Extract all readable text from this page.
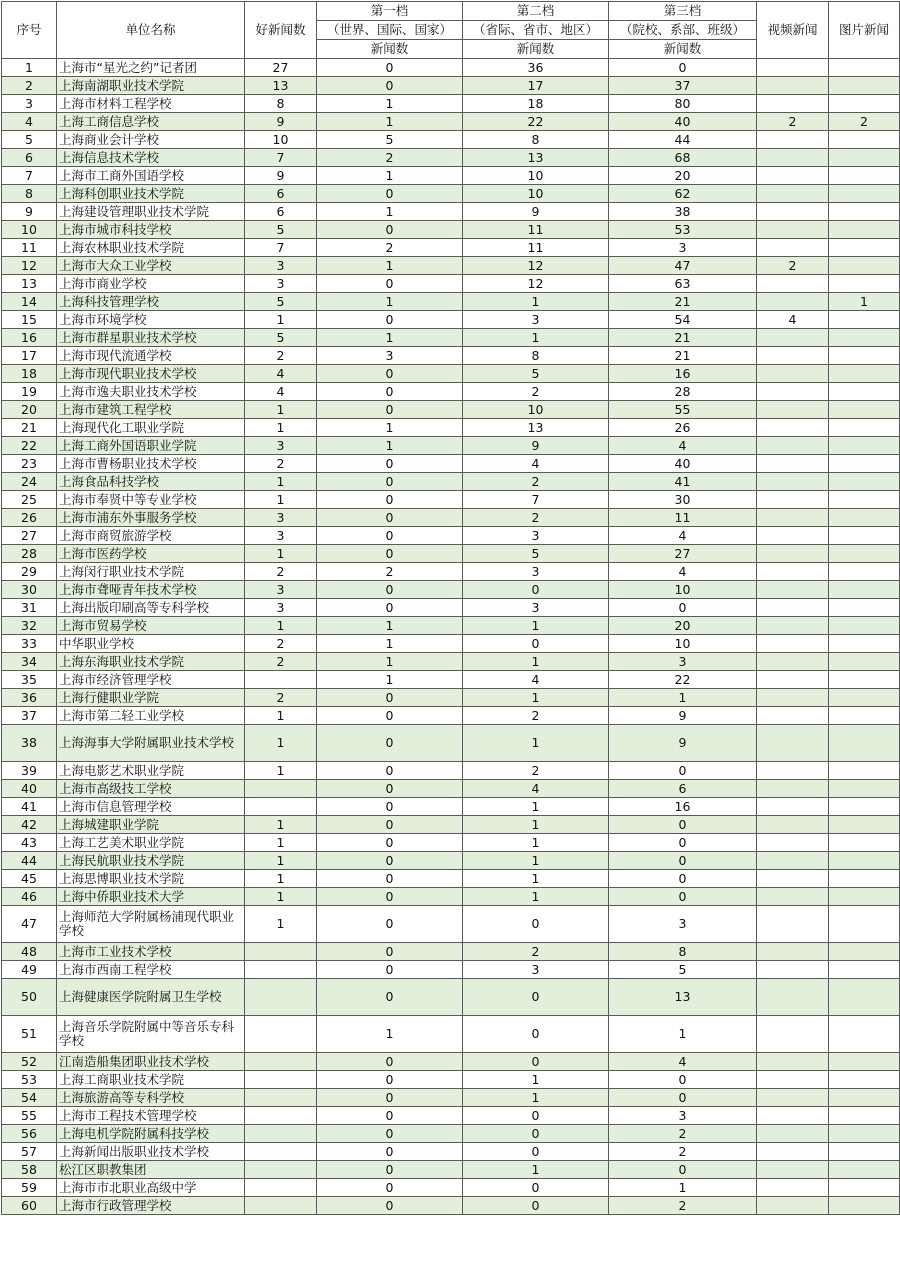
序号	单位名称	好新闻数	第一档	第二档	第三档	视频新闻	图片新闻
			（世界、国际、国家）	（省际、省市、地区）	（院校、系部、班级）		
			新闻数	新闻数	新闻数		
1	上海市“星光之约”记者团	27	0	36	0		
2	上海南湖职业技术学院	13	0	17	37		
3	上海市材料工程学校	8	1	18	80		
4	上海工商信息学校	9	1	22	40	2	2
5	上海商业会计学校	10	5	8	44		
6	上海信息技术学校	7	2	13	68		
7	上海市工商外国语学校	9	1	10	20		
8	上海科创职业技术学院	6	0	10	62		
9	上海建设管理职业技术学院	6	1	9	38		
10	上海市城市科技学校	5	0	11	53		
11	上海农林职业技术学院	7	2	11	3		
12	上海市大众工业学校	3	1	12	47	2	
13	上海市商业学校	3	0	12	63		
14	上海科技管理学校	5	1	1	21		1
15	上海市环境学校	1	0	3	54	4	
16	上海市群星职业技术学校	5	1	1	21		
17	上海市现代流通学校	2	3	8	21		
18	上海市现代职业技术学校	4	0	5	16		
19	上海市逸夫职业技术学校	4	0	2	28		
20	上海市建筑工程学校	1	0	10	55		
21	上海现代化工职业学院	1	1	13	26		
22	上海工商外国语职业学院	3	1	9	4		
23	上海市曹杨职业技术学校	2	0	4	40		
24	上海食品科技学校	1	0	2	41		
25	上海市奉贤中等专业学校	1	0	7	30		
26	上海市浦东外事服务学校	3	0	2	11		
27	上海市商贸旅游学校	3	0	3	4		
28	上海市医药学校	1	0	5	27		
29	上海闵行职业技术学院	2	2	3	4		
30	上海市聋哑青年技术学校	3	0	0	10		
31	上海出版印刷高等专科学校	3	0	3	0		
32	上海市贸易学校	1	1	1	20		
33	中华职业学校	2	1	0	10		
34	上海东海职业技术学院	2	1	1	3		
35	上海市经济管理学校		1	4	22		
36	上海行健职业学院	2	0	1	1		
37	上海市第二轻工业学校	1	0	2	9		
38	上海海事大学附属职业技术学校	1	0	1	9		
39	上海电影艺术职业学院	1	0	2	0		
40	上海市高级技工学校		0	4	6		
41	上海市信息管理学校		0	1	16		
42	上海城建职业学院	1	0	1	0		
43	上海工艺美术职业学院	1	0	1	0		
44	上海民航职业技术学院	1	0	1	0		
45	上海思博职业技术学院	1	0	1	0		
46	上海中侨职业技术大学	1	0	1	0		
47	上海师范大学附属杨浦现代职业学校	1	0	0	3		
48	上海市工业技术学校		0	2	8		
49	上海市西南工程学校		0	3	5		
50	上海健康医学院附属卫生学校		0	0	13		
51	上海音乐学院附属中等音乐专科学校		1	0	1		
52	江南造船集团职业技术学校		0	0	4		
53	上海工商职业技术学院		0	1	0		
54	上海旅游高等专科学校		0	1	0		
55	上海市工程技术管理学校		0	0	3		
56	上海电机学院附属科技学校		0	0	2		
57	上海新闻出版职业技术学校		0	0	2		
58	松江区职教集团		0	1	0		
59	上海市市北职业高级中学		0	0	1		
60	上海市行政管理学校		0	0	2		
